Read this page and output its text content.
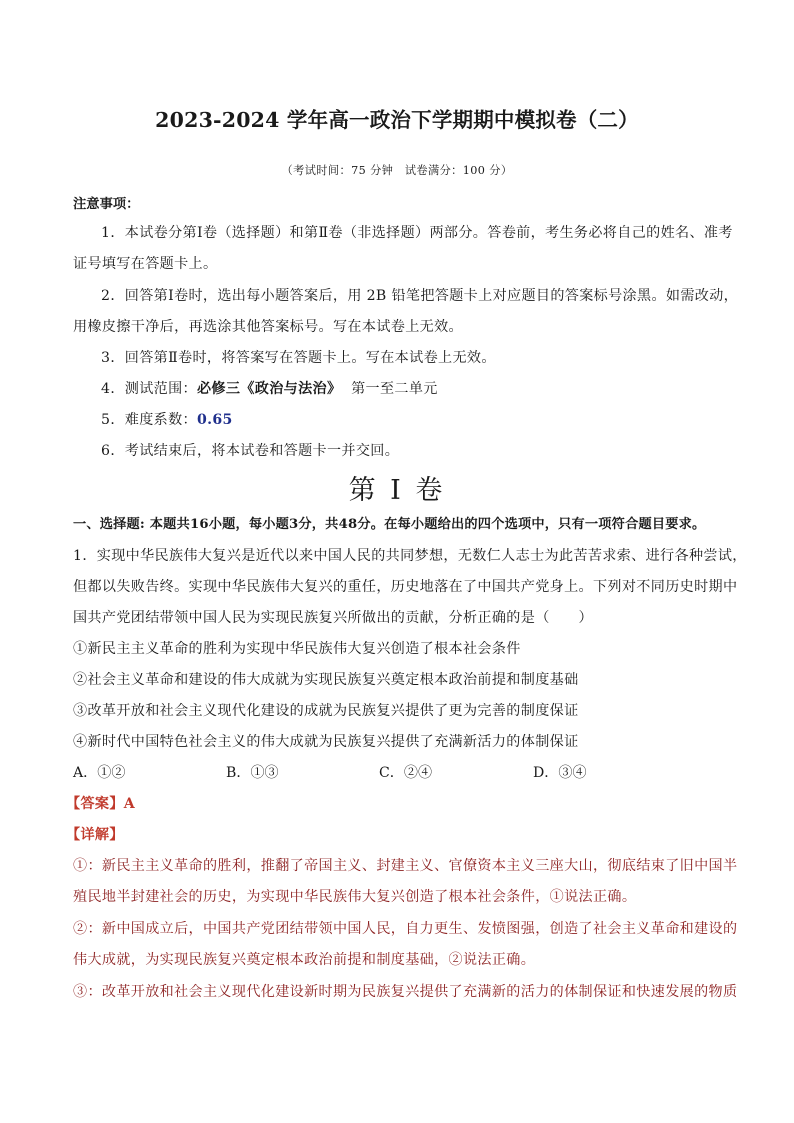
2023-2024 学年高一政治下学期期中模拟卷（二）
（考试时间：75 分钟　试卷满分：100 分）
注意事项：
1．本试卷分第Ⅰ卷（选择题）和第Ⅱ卷（非选择题）两部分。答卷前，考生务必将自己的姓名、准考
证号填写在答题卡上。
2．回答第Ⅰ卷时，选出每小题答案后，用 2B 铅笔把答题卡上对应题目的答案标号涂黑。如需改动，
用橡皮擦干净后，再选涂其他答案标号。写在本试卷上无效。
3．回答第Ⅱ卷时，将答案写在答题卡上。写在本试卷上无效。
4．测试范围：必修三《政治与法治》 第一至二单元
5．难度系数：0.65
6．考试结束后，将本试卷和答题卡一并交回。
第 I 卷
一、选择题: 本题共16小题，每小题3分，共48分。在每小题给出的四个选项中，只有一项符合题目要求。
1．实现中华民族伟大复兴是近代以来中国人民的共同梦想，无数仁人志士为此苦苦求索、进行各种尝试，
但都以失败告终。实现中华民族伟大复兴的重任，历史地落在了中国共产党身上。下列对不同历史时期中
国共产党团结带领中国人民为实现民族复兴所做出的贡献，分析正确的是（　　）
①新民主主义革命的胜利为实现中华民族伟大复兴创造了根本社会条件
②社会主义革命和建设的伟大成就为实现民族复兴奠定根本政治前提和制度基础
③改革开放和社会主义现代化建设的成就为民族复兴提供了更为完善的制度保证
④新时代中国特色社会主义的伟大成就为民族复兴提供了充满新活力的体制保证
A．①②	B．①③	C．②④	D．③④
【答案】A
【详解】
①：新民主主义革命的胜利，推翻了帝国主义、封建主义、官僚资本主义三座大山，彻底结束了旧中国半
殖民地半封建社会的历史，为实现中华民族伟大复兴创造了根本社会条件，①说法正确。
②：新中国成立后，中国共产党团结带领中国人民，自力更生、发愤图强，创造了社会主义革命和建设的
伟大成就，为实现民族复兴奠定根本政治前提和制度基础，②说法正确。
③：改革开放和社会主义现代化建设新时期为民族复兴提供了充满新的活力的体制保证和快速发展的物质
